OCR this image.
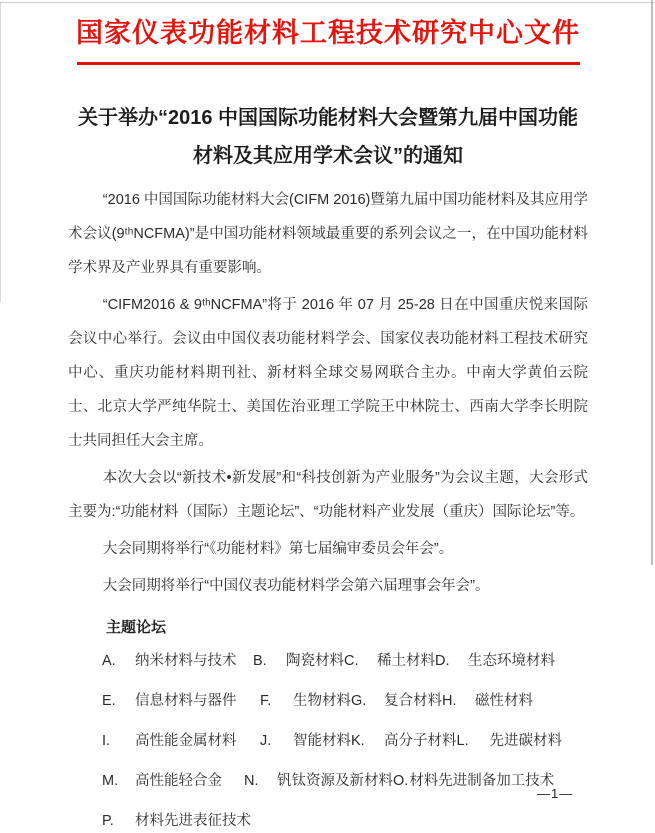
国家仪表功能材料工程技术研究中心文件
关于举办“2016 中国国际功能材料大会暨第九届中国功能
材料及其应用学术会议”的通知

“2016 中国国际功能材料大会(CIFM 2016)暨第九届中国功能材料及其应用学术会议(9ᵗʰNCFMA)”是中国功能材料领域最重要的系列会议之一，在中国功能材料学术界及产业界具有重要影响。

“CIFM2016 & 9ᵗʰNCFMA”将于 2016 年 07 月 25-28 日在中国重庆悦来国际会议中心举行。会议由中国仪表功能材料学会、国家仪表功能材料工程技术研究中心、重庆功能材料期刊社、新材料全球交易网联合主办。中南大学黄伯云院士、北京大学严纯华院士、美国佐治亚理工学院王中林院士、西南大学李长明院士共同担任大会主席。

本次大会以“新技术•新发展”和“科技创新为产业服务”为会议主题，大会形式主要为:“功能材料（国际）主题论坛”、“功能材料产业发展（重庆）国际论坛”等。

大会同期将举行“《功能材料》第七届编审委员会年会”。

大会同期将举行“中国仪表功能材料学会第六届理事会年会”。

主题论坛
A. 纳米材料与技术	B. 陶瓷材料 C. 稀土材料 D. 生态环境材料
E. 信息材料与器件	F. 生物材料 G. 复合材料 H. 磁性材料
I. 高性能金属材料	J. 智能材料 K. 高分子材料 L. 先进碳材料
M. 高性能轻合金	N. 钒钛资源及新材料 O.材料先进制备加工技术
P. 材料先进表征技术
—1—
